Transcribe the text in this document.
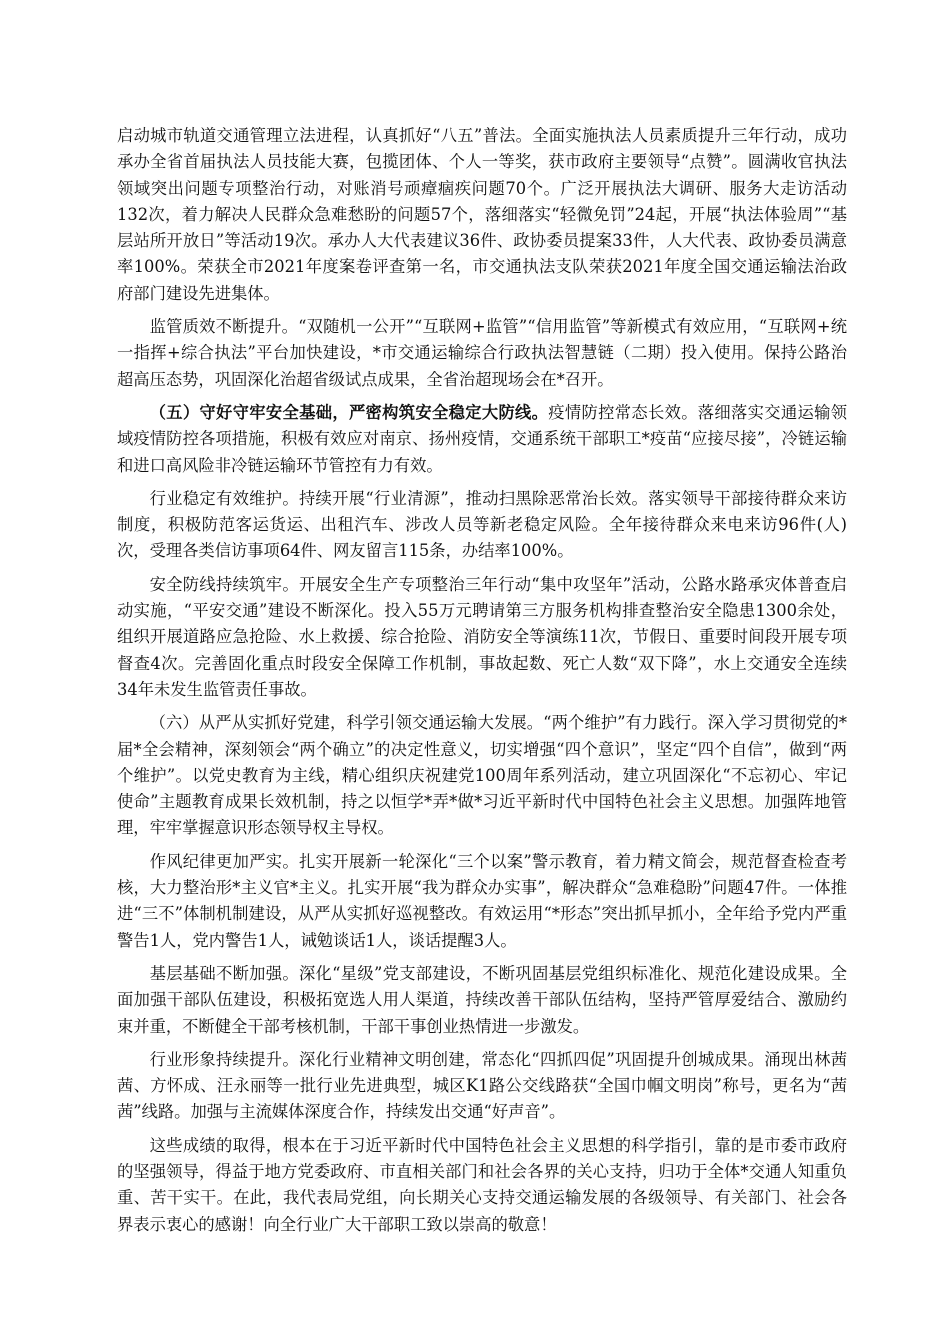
启动城市轨道交通管理立法进程，认真抓好“八五”普法。全面实施执法人员素质提升三年行动，成功承办全省首届执法人员技能大赛，包揽团体、个人一等奖，获市政府主要领导“点赞”。圆满收官执法领域突出问题专项整治行动，对账消号顽瘴痼疾问题70个。广泛开展执法大调研、服务大走访活动132次，着力解决人民群众急难愁盼的问题57个，落细落实“轻微免罚”24起，开展“执法体验周”“基层站所开放日”等活动19次。承办人大代表建议36件、政协委员提案33件，人大代表、政协委员满意率100%。荣获全市2021年度案卷评查第一名，市交通执法支队荣获2021年度全国交通运输法治政府部门建设先进集体。

监管质效不断提升。“双随机一公开”“互联网+监管”“信用监管”等新模式有效应用，“互联网+统一指挥+综合执法”平台加快建设，*市交通运输综合行政执法智慧链（二期）投入使用。保持公路治超高压态势，巩固深化治超省级试点成果，全省治超现场会在*召开。

（五）守好守牢安全基础，严密构筑安全稳定大防线。疫情防控常态长效。落细落实交通运输领域疫情防控各项措施，积极有效应对南京、扬州疫情，交通系统干部职工*疫苗“应接尽接”，冷链运输和进口高风险非冷链运输环节管控有力有效。

行业稳定有效维护。持续开展“行业清源”，推动扫黑除恶常治长效。落实领导干部接待群众来访制度，积极防范客运货运、出租汽车、涉改人员等新老稳定风险。全年接待群众来电来访96件(人)次，受理各类信访事项64件、网友留言115条，办结率100%。

安全防线持续筑牢。开展安全生产专项整治三年行动“集中攻坚年”活动，公路水路承灾体普查启动实施，“平安交通”建设不断深化。投入55万元聘请第三方服务机构排查整治安全隐患1300余处，组织开展道路应急抢险、水上救援、综合抢险、消防安全等演练11次，节假日、重要时间段开展专项督查4次。完善固化重点时段安全保障工作机制，事故起数、死亡人数“双下降”，水上交通安全连续34年未发生监管责任事故。

（六）从严从实抓好党建，科学引领交通运输大发展。“两个维护”有力践行。深入学习贯彻党的*届*全会精神，深刻领会“两个确立”的决定性意义，切实增强“四个意识”，坚定“四个自信”，做到“两个维护”。以党史教育为主线，精心组织庆祝建党100周年系列活动，建立巩固深化“不忘初心、牢记使命”主题教育成果长效机制，持之以恒学*弄*做*习近平新时代中国特色社会主义思想。加强阵地管理，牢牢掌握意识形态领导权主导权。

作风纪律更加严实。扎实开展新一轮深化“三个以案”警示教育，着力精文简会，规范督查检查考核，大力整治形*主义官*主义。扎实开展“我为群众办实事”，解决群众“急难稳盼”问题47件。一体推进“三不”体制机制建设，从严从实抓好巡视整改。有效运用“*形态”突出抓早抓小，全年给予党内严重警告1人，党内警告1人，诫勉谈话1人，谈话提醒3人。

基层基础不断加强。深化“星级”党支部建设，不断巩固基层党组织标准化、规范化建设成果。全面加强干部队伍建设，积极拓宽选人用人渠道，持续改善干部队伍结构，坚持严管厚爱结合、激励约束并重，不断健全干部考核机制，干部干事创业热情进一步激发。

行业形象持续提升。深化行业精神文明创建，常态化“四抓四促”巩固提升创城成果。涌现出林茜茜、方怀成、汪永丽等一批行业先进典型，城区K1路公交线路获“全国巾帼文明岗”称号，更名为“茜茜”线路。加强与主流媒体深度合作，持续发出交通“好声音”。

这些成绩的取得，根本在于习近平新时代中国特色社会主义思想的科学指引，靠的是市委市政府的坚强领导，得益于地方党委政府、市直相关部门和社会各界的关心支持，归功于全体*交通人知重负重、苦干实干。在此，我代表局党组，向长期关心支持交通运输发展的各级领导、有关部门、社会各界表示衷心的感谢！向全行业广大干部职工致以崇高的敬意！
